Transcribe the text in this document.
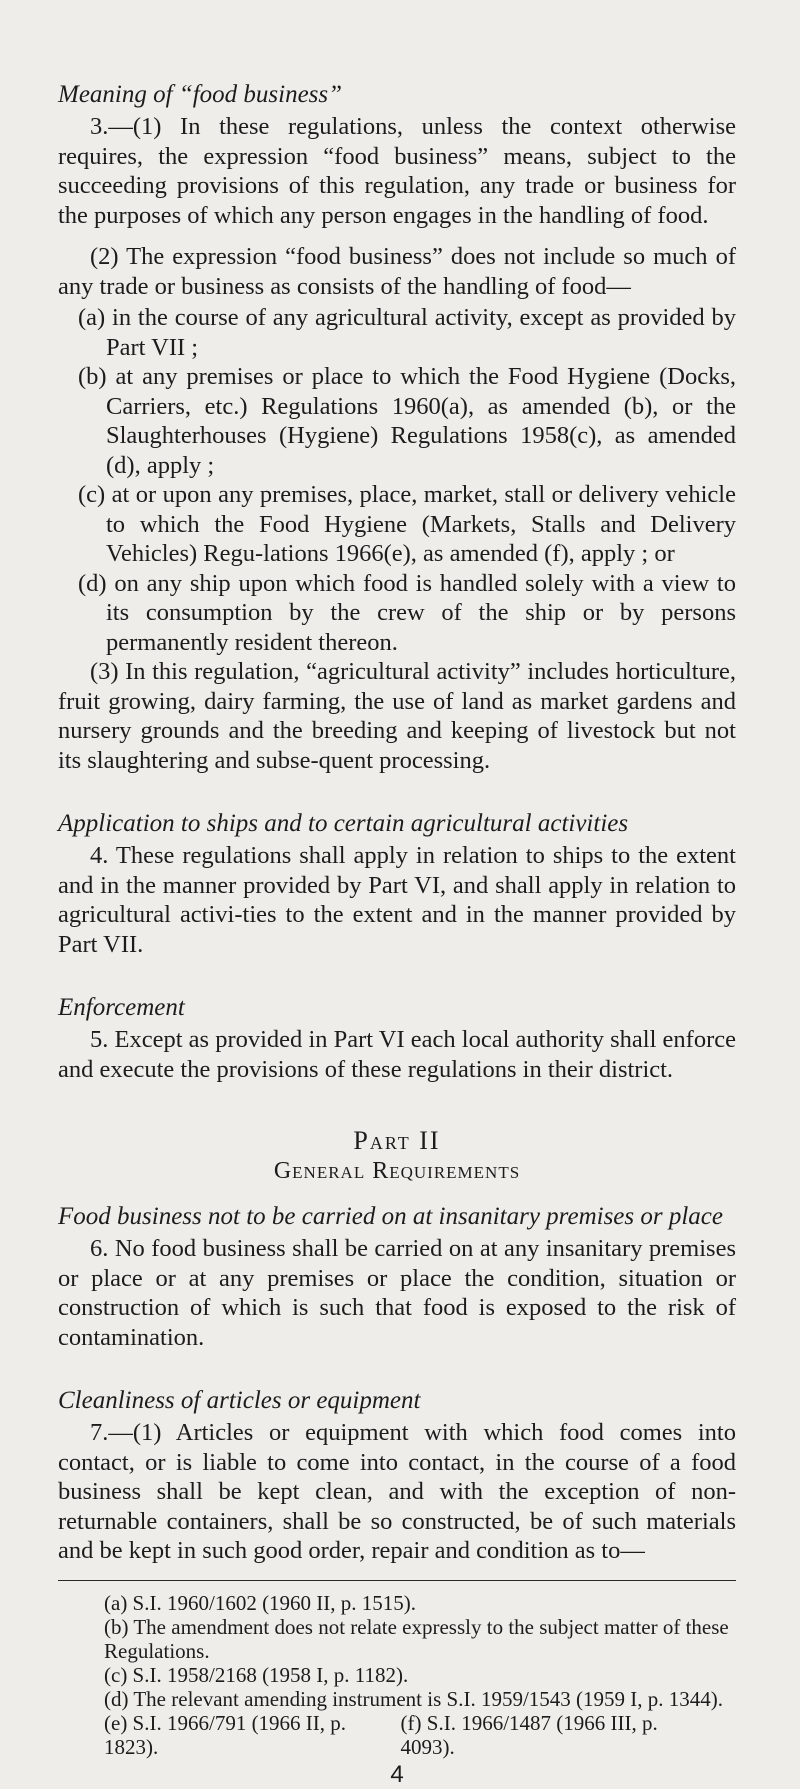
Meaning of “food business”

3.—(1) In these regulations, unless the context otherwise requires, the expression “food business” means, subject to the succeeding provisions of this regulation, any trade or business for the purposes of which any person engages in the handling of food.

(2) The expression “food business” does not include so much of any trade or business as consists of the handling of food—

(a) in the course of any agricultural activity, except as provided by Part VII ;
(b) at any premises or place to which the Food Hygiene (Docks, Carriers, etc.) Regulations 1960(a), as amended (b), or the Slaughterhouses (Hygiene) Regulations 1958(c), as amended (d), apply ;
(c) at or upon any premises, place, market, stall or delivery vehicle to which the Food Hygiene (Markets, Stalls and Delivery Vehicles) Regu-lations 1966(e), as amended (f), apply ; or
(d) on any ship upon which food is handled solely with a view to its consumption by the crew of the ship or by persons permanently resident thereon.

(3) In this regulation, “agricultural activity” includes horticulture, fruit growing, dairy farming, the use of land as market gardens and nursery grounds and the breeding and keeping of livestock but not its slaughtering and subse-quent processing.

Application to ships and to certain agricultural activities

4. These regulations shall apply in relation to ships to the extent and in the manner provided by Part VI, and shall apply in relation to agricultural activi-ties to the extent and in the manner provided by Part VII.

Enforcement

5. Except as provided in Part VI each local authority shall enforce and execute the provisions of these regulations in their district.

Part II
General Requirements
Food business not to be carried on at insanitary premises or place

6. No food business shall be carried on at any insanitary premises or place or at any premises or place the condition, situation or construction of which is such that food is exposed to the risk of contamination.

Cleanliness of articles or equipment

7.—(1) Articles or equipment with which food comes into contact, or is liable to come into contact, in the course of a food business shall be kept clean, and with the exception of non-returnable containers, shall be so constructed, be of such materials and be kept in such good order, repair and condition as to—

(a) S.I. 1960/1602 (1960 II, p. 1515).
(b) The amendment does not relate expressly to the subject matter of these Regulations.
(c) S.I. 1958/2168 (1958 I, p. 1182).
(d) The relevant amending instrument is S.I. 1959/1543 (1959 I, p. 1344).
(e) S.I. 1966/791 (1966 II, p. 1823).
(f) S.I. 1966/1487 (1966 III, p. 4093).
4
